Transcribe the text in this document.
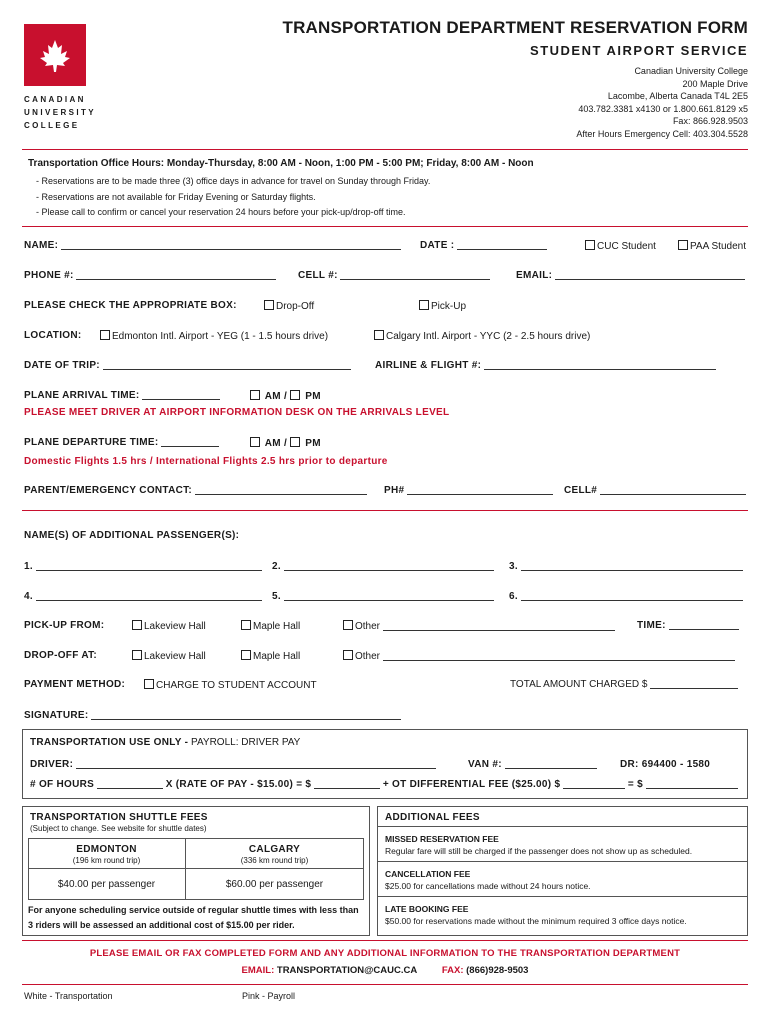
CANADIAN
UNIVERSITY
COLLEGE
TRANSPORTATION DEPARTMENT RESERVATION FORM
STUDENT AIRPORT SERVICE
Canadian University College
200 Maple Drive
Lacombe, Alberta Canada T4L 2E5
403.782.3381 x4130 or 1.800.661.8129 x5
Fax: 866.928.9503
After Hours Emergency Cell: 403.304.5528
Transportation Office Hours: Monday-Thursday, 8:00 AM - Noon, 1:00 PM - 5:00 PM; Friday, 8:00 AM - Noon
- Reservations are to be made three (3) office days in advance for travel on Sunday through Friday.
- Reservations are not available for Friday Evening or Saturday flights.
- Please call to confirm or cancel your reservation 24 hours before your pick-up/drop-off time.
NAME:	DATE :	CUC Student	PAA Student
PHONE #:	CELL #:	EMAIL:
PLEASE CHECK THE APPROPRIATE BOX:	Drop-Off	Pick-Up
LOCATION:	Edmonton Intl. Airport - YEG (1 - 1.5 hours drive)	Calgary Intl. Airport - YYC (2 - 2.5 hours drive)
DATE OF TRIP:	AIRLINE & FLIGHT #:
PLANE ARRIVAL TIME:	AM / PM
PLEASE MEET DRIVER AT AIRPORT INFORMATION DESK ON THE ARRIVALS LEVEL
PLANE DEPARTURE TIME:	AM / PM
Domestic Flights 1.5 hrs / International Flights 2.5 hrs prior to departure
PARENT/EMERGENCY CONTACT:	PH#	CELL#
NAME(S) OF ADDITIONAL PASSENGER(S):
1.	2.	3.
4.	5.	6.
PICK-UP FROM:	Lakeview Hall	Maple Hall	Other	TIME:
DROP-OFF AT:	Lakeview Hall	Maple Hall	Other
PAYMENT METHOD:	CHARGE TO STUDENT ACCOUNT	TOTAL AMOUNT CHARGED $
SIGNATURE:
TRANSPORTATION USE ONLY - PAYROLL: DRIVER PAY
DRIVER:	VAN #:	DR: 694400 - 1580
# OF HOURS	X (RATE OF PAY - $15.00) = $	+ OT DIFFERENTIAL FEE ($25.00) $	= $
TRANSPORTATION SHUTTLE FEES
(Subject to change. See website for shuttle dates)
EDMONTON
(196 km round trip)
CALGARY
(336 km round trip)
$40.00 per passenger	$60.00 per passenger
For anyone scheduling service outside of regular shuttle times with less than 3 riders will be assessed an additional cost of $15.00 per rider.
ADDITIONAL FEES
MISSED RESERVATION FEE
Regular fare will still be charged if the passenger does not show up as scheduled.
CANCELLATION FEE
$25.00 for cancellations made without 24 hours notice.
LATE BOOKING FEE
$50.00 for reservations made without the minimum required 3 office days notice.
PLEASE EMAIL OR FAX COMPLETED FORM AND ANY ADDITIONAL INFORMATION TO THE TRANSPORTATION DEPARTMENT
EMAIL: TRANSPORTATION@CAUC.CA	FAX: (866)928-9503
White - Transportation	Pink - Payroll
